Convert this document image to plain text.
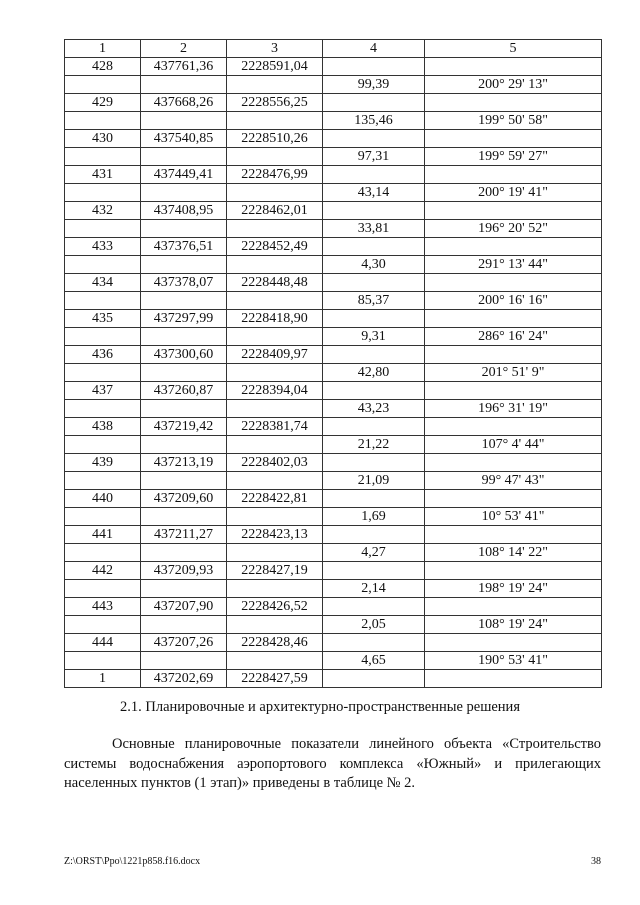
1	2	3	4	5
428	437761,36	2228591,04		
			99,39	200° 29' 13"
429	437668,26	2228556,25		
			135,46	199° 50' 58"
430	437540,85	2228510,26		
			97,31	199° 59' 27"
431	437449,41	2228476,99		
			43,14	200° 19' 41"
432	437408,95	2228462,01		
			33,81	196° 20' 52"
433	437376,51	2228452,49		
			4,30	291° 13' 44"
434	437378,07	2228448,48		
			85,37	200° 16' 16"
435	437297,99	2228418,90		
			9,31	286° 16' 24"
436	437300,60	2228409,97		
			42,80	201° 51' 9"
437	437260,87	2228394,04		
			43,23	196° 31' 19"
438	437219,42	2228381,74		
			21,22	107° 4' 44"
439	437213,19	2228402,03		
			21,09	99° 47' 43"
440	437209,60	2228422,81		
			1,69	10° 53' 41"
441	437211,27	2228423,13		
			4,27	108° 14' 22"
442	437209,93	2228427,19		
			2,14	198° 19' 24"
443	437207,90	2228426,52		
			2,05	108° 19' 24"
444	437207,26	2228428,46		
			4,65	190° 53' 41"
1	437202,69	2228427,59		
2.1. Планировочные и архитектурно-пространственные решения
Основные планировочные показатели линейного объекта «Строительство системы водоснабжения аэропортового комплекса «Южный» и прилегающих населенных пунктов (1 этап)» приведены в таблице № 2.
Z:\ORST\Ppo\1221p858.f16.docx	38
